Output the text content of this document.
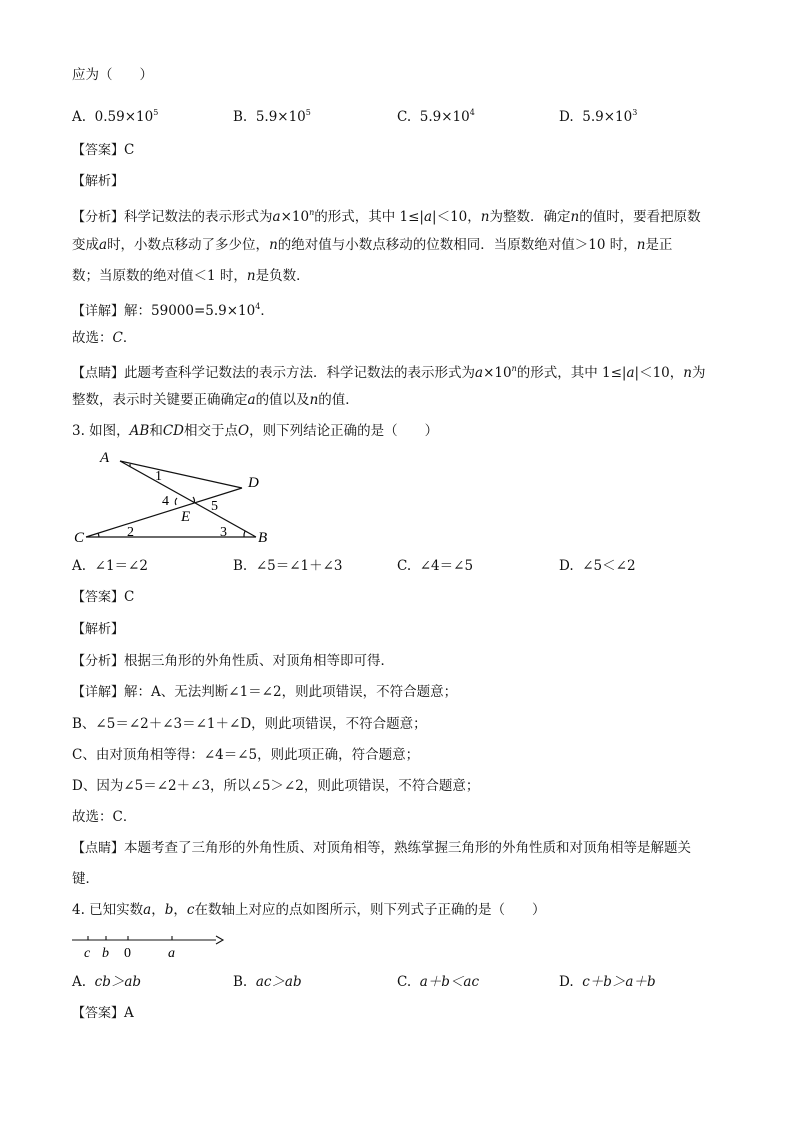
应为（　　）
A. $0.59\times 10^5$	B. $5.9\times 10^5$	C. $5.9\times 10^4$	D. $5.9\times 10^3$
【答案】C
【解析】
【分析】科学记数法的表示形式为$a\times 10^n$的形式，其中 1≤|a|＜10，n为整数．确定n的值时，要看把原数
变成a时，小数点移动了多少位，n的绝对值与小数点移动的位数相同．当原数绝对值＞10 时，n是正
数；当原数的绝对值＜1 时，n是负数．
【详解】解：$59000=5.9\times 10^4$．
故选：C．
【点睛】此题考查科学记数法的表示方法．科学记数法的表示形式为$a\times 10^n$的形式，其中 1≤|a|＜10，n为
整数，表示时关键要正确确定a的值以及n的值．
3. 如图，AB和CD相交于点O，则下列结论正确的是（　　）
A
D
C	B
E
1
2	3
4	5
A. ∠1＝∠2	B. ∠5＝∠1＋∠3	C. ∠4＝∠5	D. ∠5＜∠2
【答案】C
【解析】
【分析】根据三角形的外角性质、对顶角相等即可得．
【详解】解：A、无法判断∠1＝∠2，则此项错误，不符合题意；
B、∠5＝∠2＋∠3＝∠1＋∠D，则此项错误，不符合题意；
C、由对顶角相等得：∠4＝∠5，则此项正确，符合题意；
D、因为∠5＝∠2＋∠3，所以∠5＞∠2，则此项错误，不符合题意；
故选：C．
【点睛】本题考查了三角形的外角性质、对顶角相等，熟练掌握三角形的外角性质和对顶角相等是解题关
键．
4. 已知实数a，b，c在数轴上对应的点如图所示，则下列式子正确的是（　　）
c b 0	a
A. cb＞ab	B. ac＞ab	C. a＋b＜ac	D. c＋b＞a＋b
【答案】A
